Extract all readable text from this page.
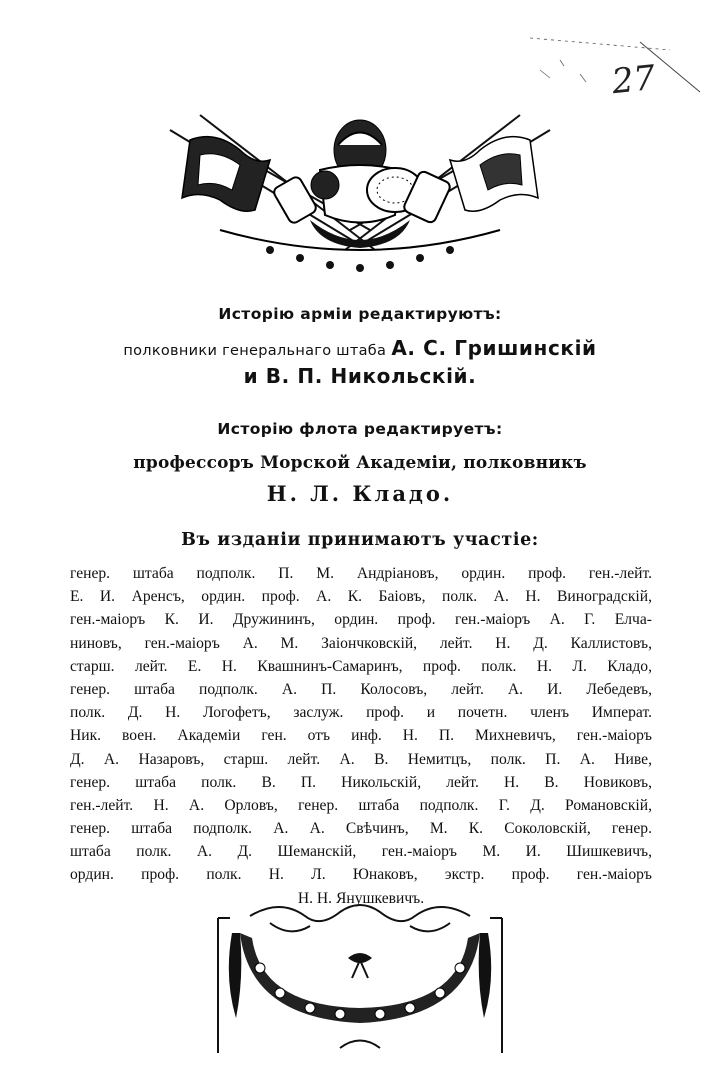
27
Исторію арміи редактируютъ:
полковники генеральнаго штаба А. С. Гришинскій
и В. П. Никольскій.
Исторію флота редактируетъ:
профессоръ Морской Академіи, полковникъ
Н. Л. Кладо.
Въ изданіи принимаютъ участіе:
генер. штаба подполк. П. М. Андріановъ, ордин. проф. ген.-лейт.
Е. И. Аренсъ, ордин. проф. А. К. Баіовъ, полк. А. Н. Виноградскій,
ген.-маіоръ К. И. Дружининъ, ордин. проф. ген.-маіоръ А. Г. Елча-
ниновъ, ген.-маіоръ А. М. Заіончковскій, лейт. Н. Д. Каллистовъ,
старш. лейт. Е. Н. Квашнинъ-Самаринъ, проф. полк. Н. Л. Кладо,
генер. штаба подполк. А. П. Колосовъ, лейт. А. И. Лебедевъ,
полк. Д. Н. Логофетъ, заслуж. проф. и почетн. членъ Императ.
Ник. воен. Академіи ген. отъ инф. Н. П. Михневичъ, ген.-маіоръ
Д. А. Назаровъ, старш. лейт. А. В. Немитцъ, полк. П. А. Ниве,
генер. штаба полк. В. П. Никольскій, лейт. Н. В. Новиковъ,
ген.-лейт. Н. А. Орловъ, генер. штаба подполк. Г. Д. Романовскій,
генер. штаба подполк. А. А. Свѣчинъ, М. К. Соколовскій, генер.
штаба полк. А. Д. Шеманскій, ген.-маіоръ М. И. Шишкевичъ,
ордин. проф. полк. Н. Л. Юнаковъ, экстр. проф. ген.-маіоръ
Н. Н. Янушкевичъ.
